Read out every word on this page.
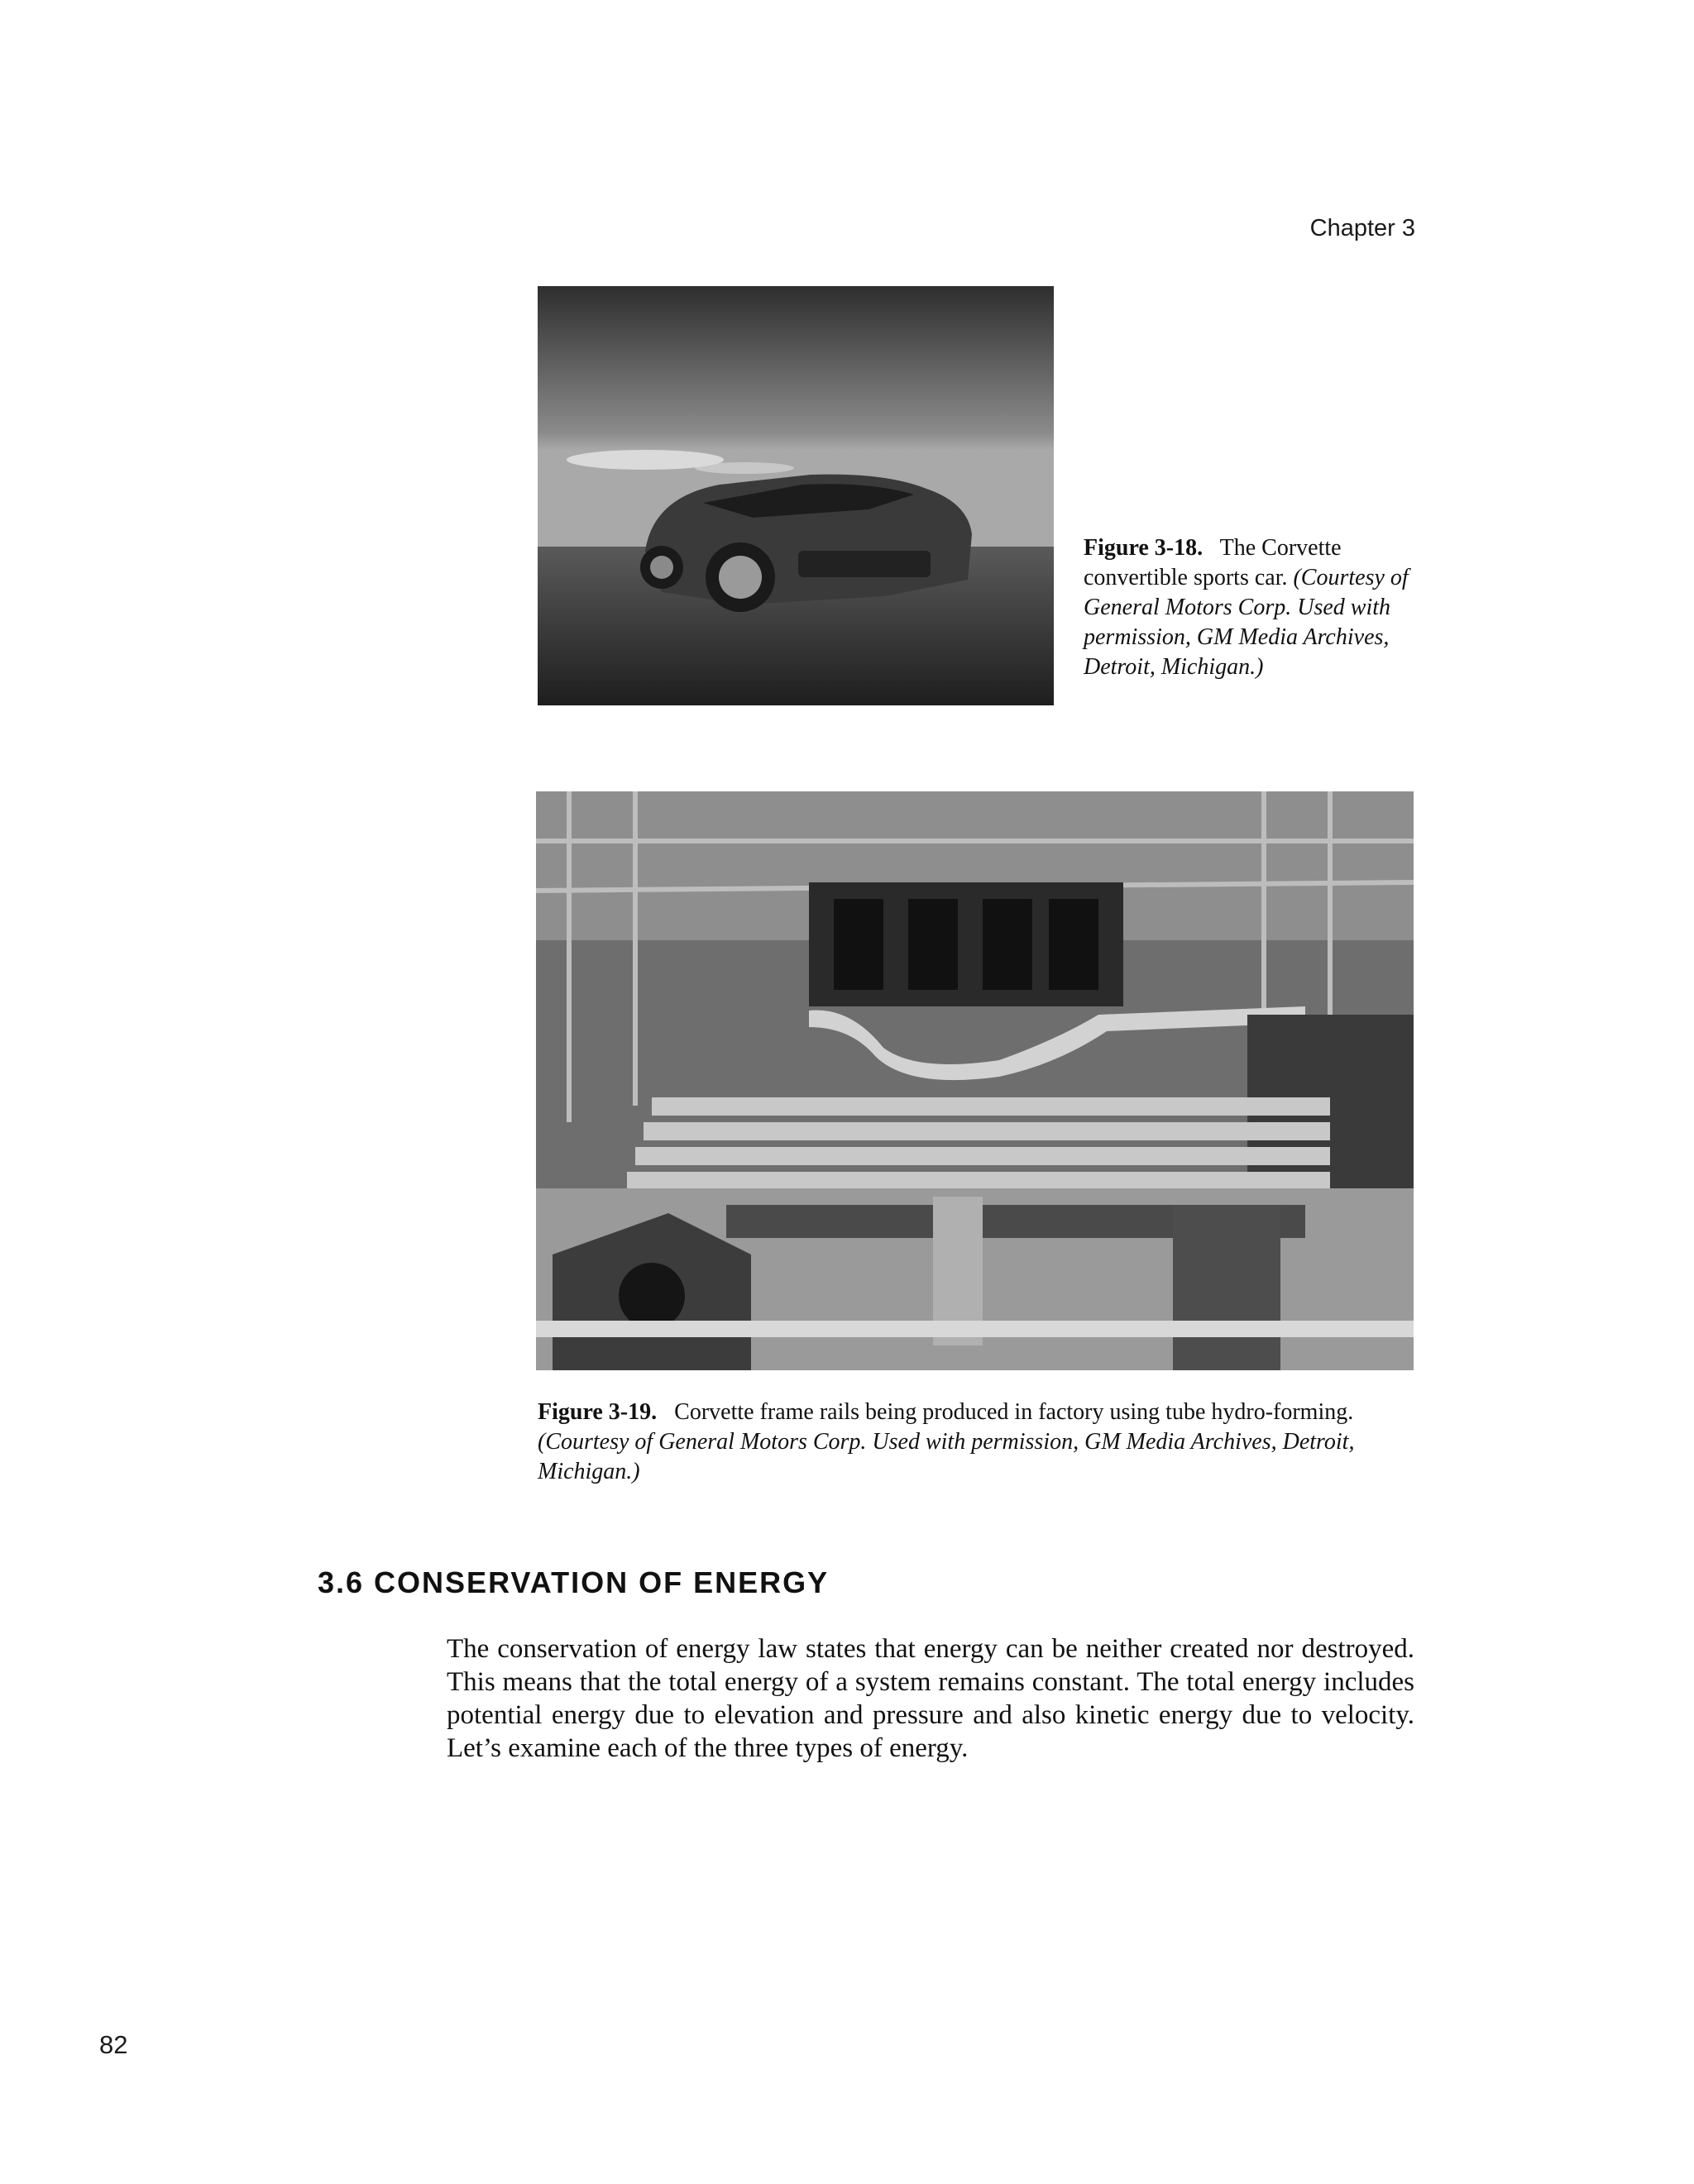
Chapter 3
Figure 3-18. The Corvette convertible sports car. (Courtesy of General Motors Corp. Used with permission, GM Media Archives, Detroit, Michigan.)
Figure 3-19. Corvette frame rails being produced in factory using tube hydro-forming. (Courtesy of General Motors Corp. Used with permission, GM Media Archives, Detroit, Michigan.)
3.6 CONSERVATION OF ENERGY
The conservation of energy law states that energy can be neither created nor destroyed. This means that the total energy of a system remains constant. The total energy includes potential energy due to elevation and pressure and also kinetic energy due to velocity. Let’s examine each of the three types of energy.
82
